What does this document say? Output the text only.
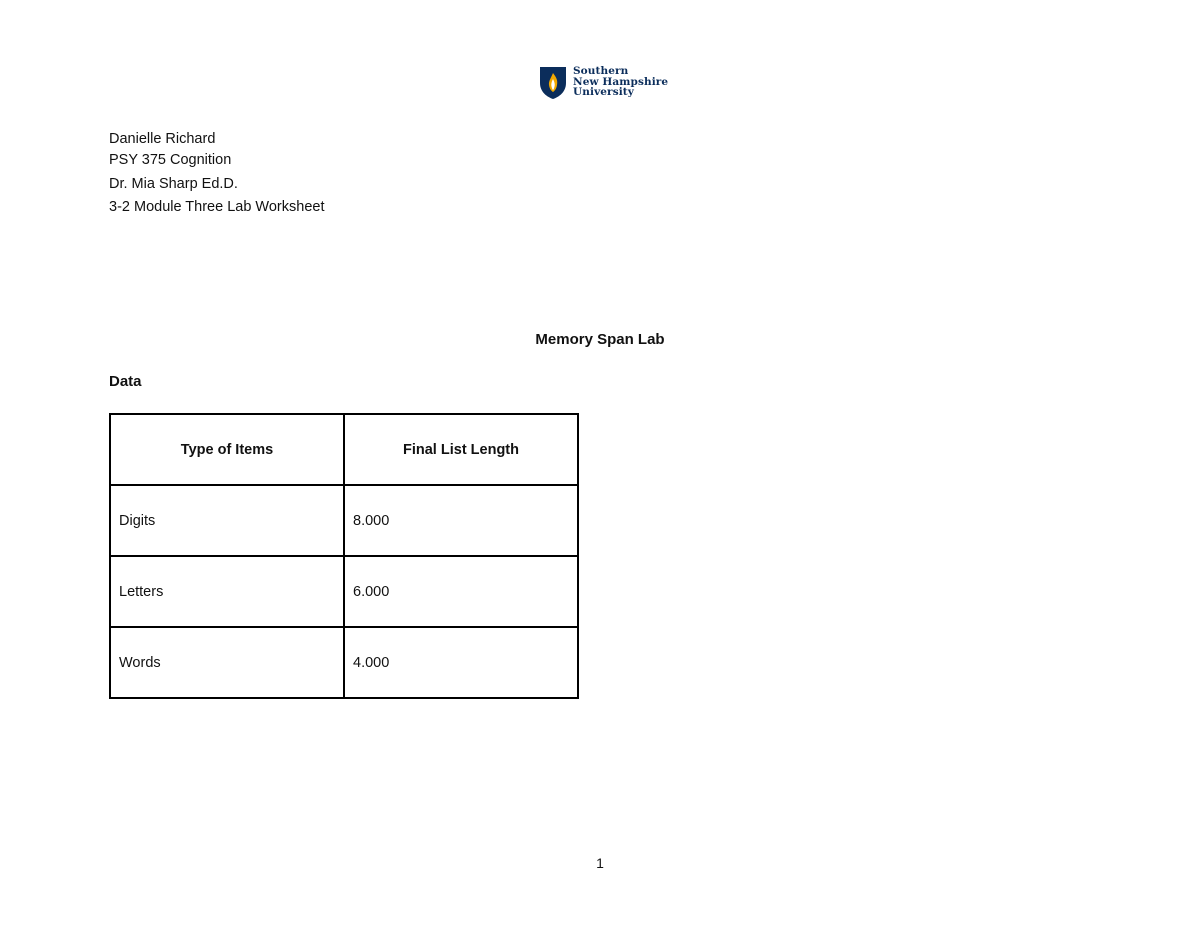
Southern
New Hampshire
University
Danielle Richard
PSY 375 Cognition
Dr. Mia Sharp Ed.D.
3-2 Module Three Lab Worksheet
Memory Span Lab
Data
Type of Items	Final List Length
Digits	8.000
Letters	6.000
Words	4.000
1
